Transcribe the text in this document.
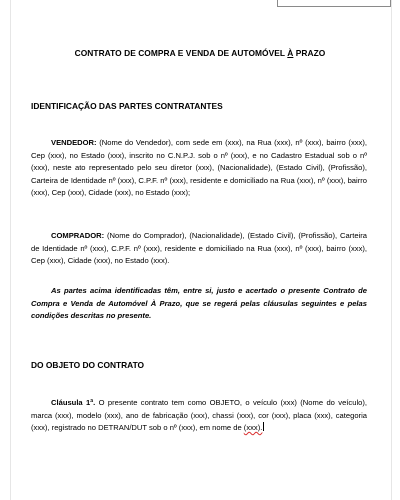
CONTRATO DE COMPRA E VENDA DE AUTOMÓVEL À PRAZO
IDENTIFICAÇÃO DAS PARTES CONTRATANTES
VENDEDOR: (Nome do Vendedor), com sede em (xxx), na Rua (xxx), nº (xxx), bairro (xxx), Cep (xxx), no Estado (xxx), inscrito no C.N.P.J. sob o nº (xxx), e no Cadastro Estadual sob o nº (xxx), neste ato representado pelo seu diretor (xxx), (Nacionalidade), (Estado Civil), (Profissão), Carteira de Identidade nº (xxx), C.P.F. nº (xxx), residente e domiciliado na Rua (xxx), nº (xxx), bairro (xxx), Cep (xxx), Cidade (xxx), no Estado (xxx);
COMPRADOR: (Nome do Comprador), (Nacionalidade), (Estado Civil), (Profissão), Carteira de Identidade nº (xxx), C.P.F. nº (xxx), residente e domiciliado na Rua (xxx), nº (xxx), bairro (xxx), Cep (xxx), Cidade (xxx), no Estado (xxx).
As partes acima identificadas têm, entre si, justo e acertado o presente Contrato de Compra e Venda de Automóvel À Prazo, que se regerá pelas cláusulas seguintes e pelas condições descritas no presente.
DO OBJETO DO CONTRATO
Cláusula 1ª. O presente contrato tem como OBJETO, o veículo (xxx) (Nome do veículo), marca (xxx), modelo (xxx), ano de fabricação (xxx), chassi (xxx), cor (xxx), placa (xxx), categoria (xxx), registrado no DETRAN/DUT sob o nº (xxx), em nome de (xxx).
